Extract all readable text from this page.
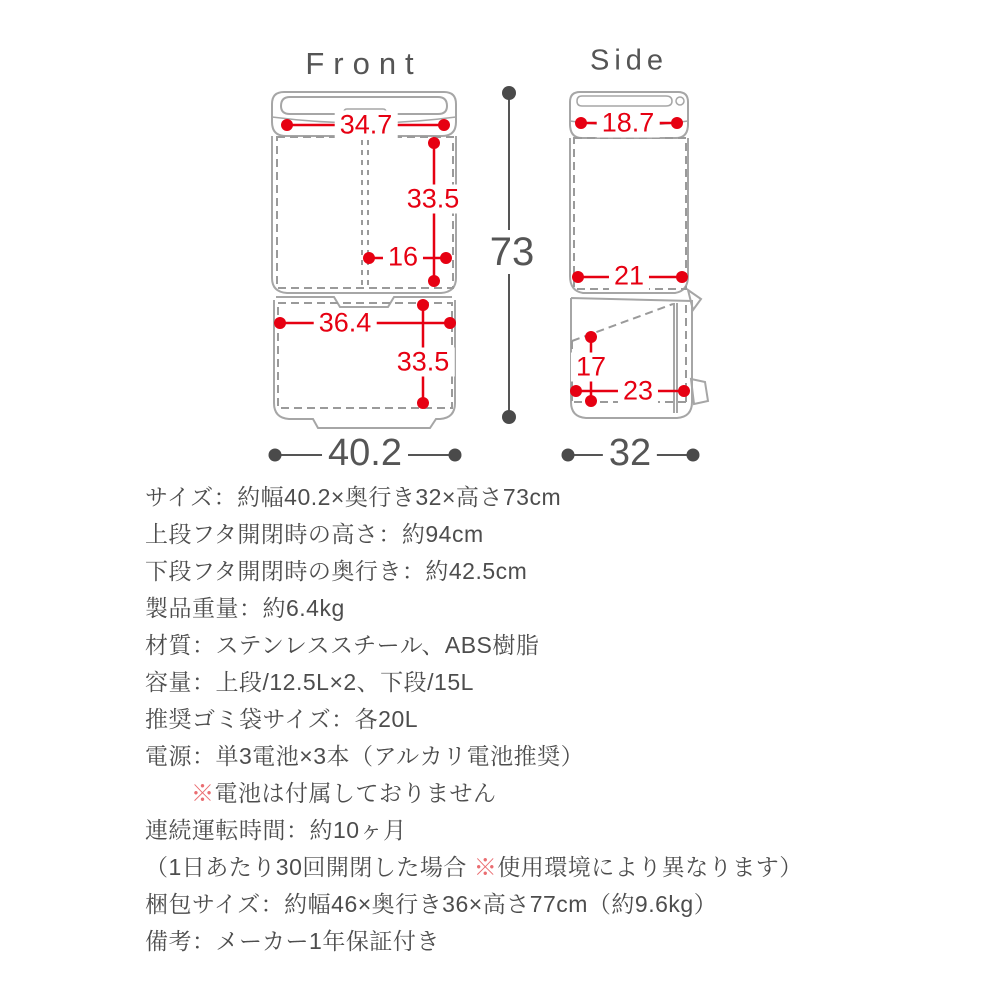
Front	Side
34.7
33.5
16
36.4
33.5
40.2
73
18.7
21
17
23
32
サイズ：約幅40.2×奥行き32×高さ73cm
上段フタ開閉時の高さ：約94cm
下段フタ開閉時の奥行き：約42.5cm
製品重量：約6.4kg
材質：ステンレススチール、ABS樹脂
容量：上段/12.5L×2、下段/15L
推奨ゴミ袋サイズ：各20L
電源：単3電池×3本（アルカリ電池推奨）
※電池は付属しておりません
連続運転時間：約10ヶ月
（1日あたり30回開閉した場合 ※使用環境により異なります）
梱包サイズ：約幅46×奥行き36×高さ77cm（約9.6kg）
備考：メーカー1年保証付き
